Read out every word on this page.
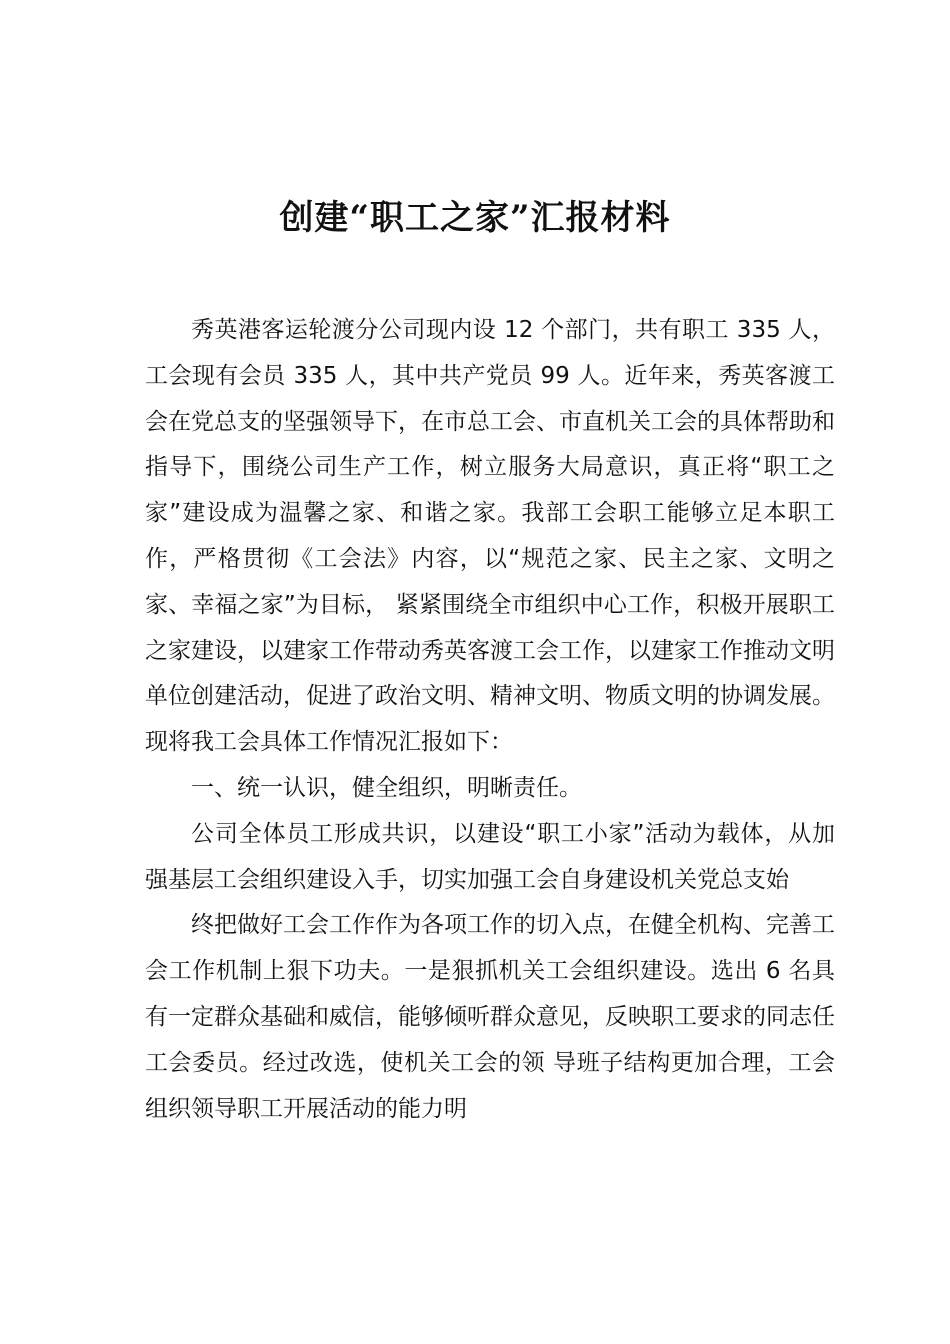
创建“职工之家”汇报材料

秀英港客运轮渡分公司现内设 12 个部门，共有职工 335 人，工会现有会员 335 人，其中共产党员 99 人。近年来，秀英客渡工会在党总支的坚强领导下，在市总工会、市直机关工会的具体帮助和指导下，围绕公司生产工作，树立服务大局意识，真正将“职工之家”建设成为温馨之家、和谐之家。我部工会职工能够立足本职工作，严格贯彻《工会法》内容，以“规范之家、民主之家、文明之家、幸福之家”为目标， 紧紧围绕全市组织中心工作，积极开展职工之家建设，以建家工作带动秀英客渡工会工作，以建家工作推动文明单位创建活动，促进了政治文明、精神文明、物质文明的协调发展。现将我工会具体工作情况汇报如下：

一、统一认识，健全组织，明晰责任。

公司全体员工形成共识，以建设“职工小家”活动为载体，从加强基层工会组织建设入手，切实加强工会自身建设机关党总支始

终把做好工会工作作为各项工作的切入点，在健全机构、完善工会工作机制上狠下功夫。一是狠抓机关工会组织建设。选出 6 名具有一定群众基础和威信，能够倾听群众意见，反映职工要求的同志任工会委员。经过改选，使机关工会的领 导班子结构更加合理，工会组织领导职工开展活动的能力明
